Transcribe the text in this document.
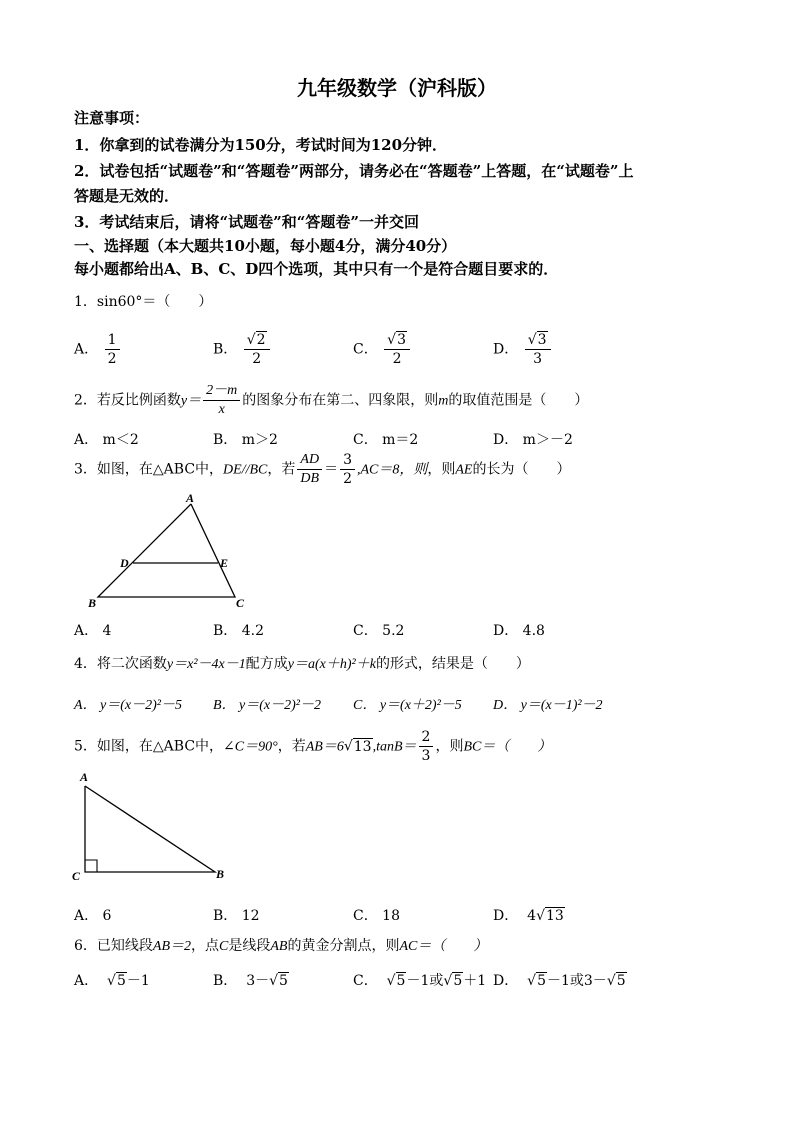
九年级数学（沪科版）
注意事项：
1．你拿到的试卷满分为150分，考试时间为120分钟．
2．试卷包括“试题卷”和“答题卷”两部分，请务必在“答题卷”上答题，在“试题卷”上
答题是无效的．
3．考试结束后，请将“试题卷”和“答题卷”一并交回
一、选择题（本大题共10小题，每小题4分，满分40分）
每小题都给出A、B、C、D四个选项，其中只有一个是符合题目要求的．
1．sin60°＝（　　）
A． $\frac{1}{2}$	B． $\frac{√2}{2}$	C． $\frac{√3}{2}$	D． $\frac{√3}{3}$
2．若反比例函数$y= \frac{2-m}{x}$ 的图象分布在第二、四象限，则m的取值范围是（　　）
A． m＜2	B． m＞2	C． m＝2	D． m＞－2
3．如图，在△ABC中，DE//BC，若 $\frac{AD}{DB} = \frac{3}{2} ,AC=8$，则，则AE的长为（　　）
A
B	C
D	E
A． 4	B． 4.2	C． 5.2	D． 4.8
4．将二次函数y＝x²－4x－1配方成y＝a(x＋h)²＋k的形式，结果是（　　）
A． y＝(x－2)²－5 B． y＝(x－2)²－2 C． y＝(x＋2)²－5 D． y＝(x－1)²－2
5．如图，在△ABC中，∠C＝90°，若$AB=6√13,\tan B= \frac{2}{3}$ ，则BC＝（　　）
A
C	B
A． 6	B． 12	C． 18	D． 4√13
6．已知线段AB＝2，点C是线段AB的黄金分割点，则AC＝（　　）
A．  √5－1	B． 3－√5	C．  √5－1或√5＋1 D．  √5－1或3－√5
